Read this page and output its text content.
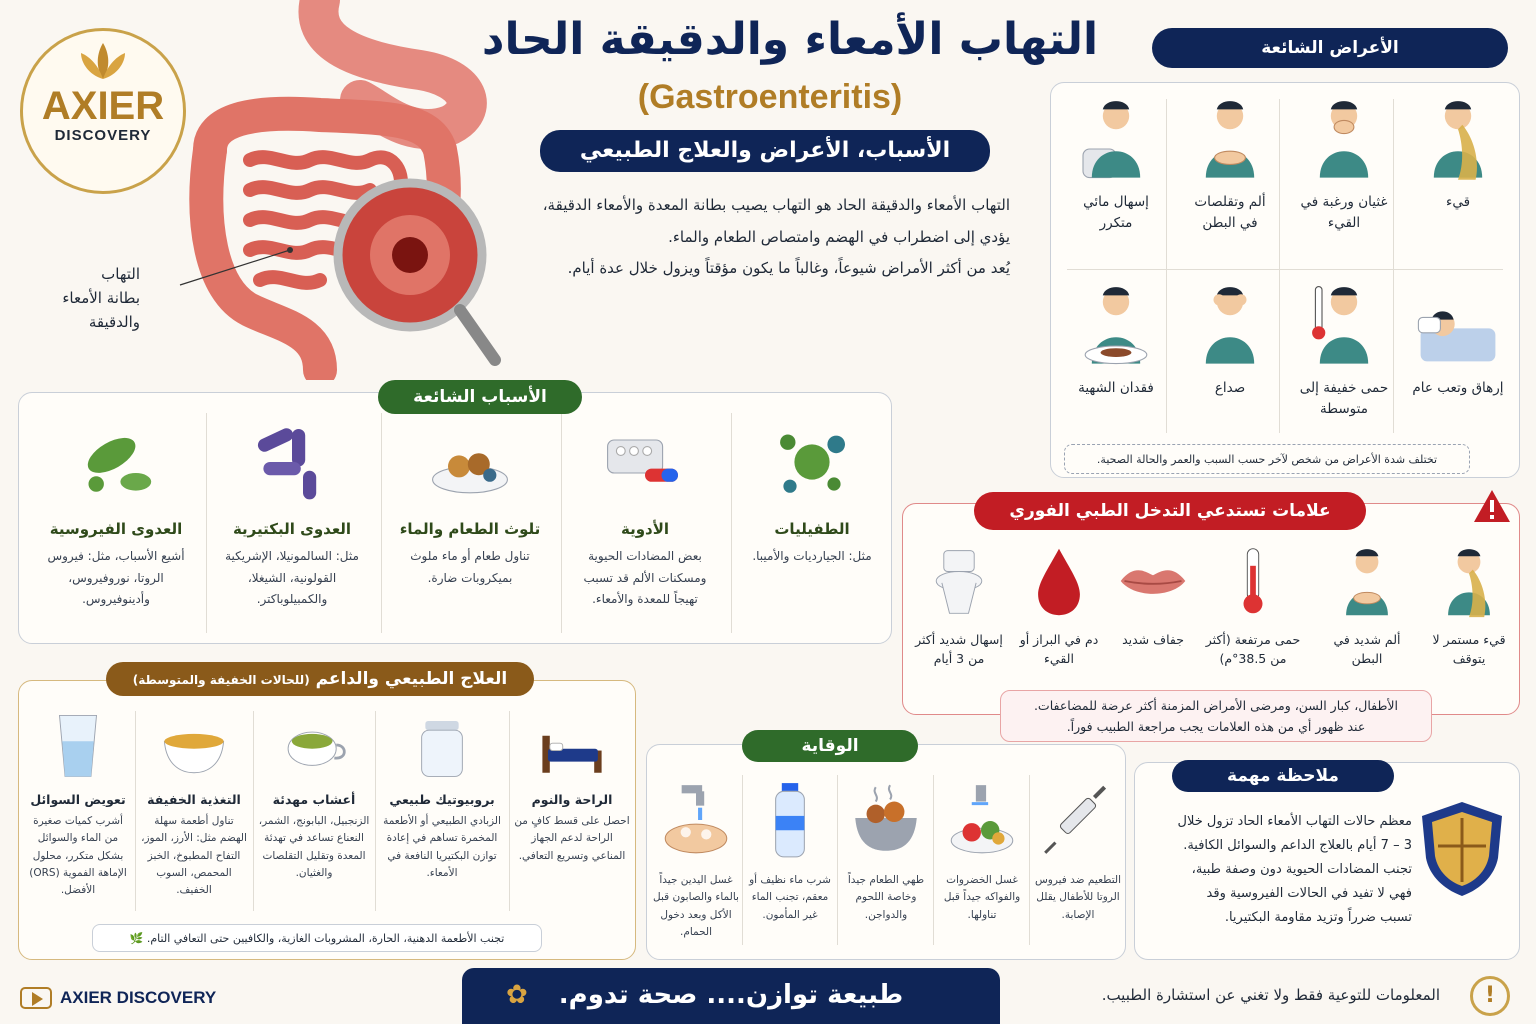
AXIER
DISCOVERY
التهاب
بطانة الأمعاء
والدقيقة
التهاب الأمعاء والدقيقة الحاد
(Gastroenteritis)
الأسباب، الأعراض والعلاج الطبيعي
التهاب الأمعاء والدقيقة الحاد هو التهاب يصيب بطانة المعدة والأمعاء الدقيقة،
يؤدي إلى اضطراب في الهضم وامتصاص الطعام والماء.
يُعد من أكثر الأمراض شيوعاً، وغالباً ما يكون مؤقتاً ويزول خلال عدة أيام.
الأعراض الشائعة
تختلف شدة الأعراض من شخص لآخر حسب السبب والعمر والحالة الصحية.
الأسباب الشائعة
علامات تستدعي التدخل الطبي الفوري
الأطفال، كبار السن، ومرضى الأمراض المزمنة أكثر عرضة للمضاعفات.
عند ظهور أي من هذه العلامات يجب مراجعة الطبيب فوراً.
العلاج الطبيعي والداعم (للحالات الخفيفة والمتوسطة)
تجنب الأطعمة الدهنية، الحارة، المشروبات الغازية، والكافيين حتى التعافي التام. 🌿
الوقاية
ملاحظة مهمة
معظم حالات التهاب الأمعاء الحاد تزول خلال
3 – 7 أيام بالعلاج الداعم والسوائل الكافية.
تجنب المضادات الحيوية دون وصفة طبية،
فهي لا تفيد في الحالات الفيروسية وقد
تسبب ضرراً وتزيد مقاومة البكتيريا.
AXIER DISCOVERY	✿ طبيعة توازن.... صحة تدوم.	المعلومات للتوعية فقط ولا تغني عن استشارة الطبيب.	!
قيء
غثيان ورغبة في القيء
ألم وتقلصات في البطن
إسهال مائي متكرر
إرهاق وتعب عام
حمى خفيفة إلى متوسطة
صداع
فقدان الشهية
الطفيليات
مثل: الجيارديات والأميبا.
الأدوية
بعض المضادات الحيوية ومسكنات الألم قد تسبب تهيجاً للمعدة والأمعاء.
تلوث الطعام والماء
تناول طعام أو ماء ملوث بميكروبات ضارة.
العدوى البكتيرية
مثل: السالمونيلا، الإشريكية القولونية، الشيغلا، والكمبيلوباكتر.
العدوى الفيروسية
أشيع الأسباب، مثل: فيروس الروتا، نوروفيروس، وأدينوفيروس.
قيء مستمر لا يتوقف
ألم شديد في البطن
حمى مرتفعة (أكثر من 38.5°م)
جفاف شديد
دم في البراز أو القيء
إسهال شديد أكثر من 3 أيام
الراحة والنوم
احصل على قسط كافٍ من الراحة لدعم الجهاز المناعي وتسريع التعافي.
بروبيوتيك طبيعي
الزبادي الطبيعي أو الأطعمة المخمرة تساهم في إعادة توازن البكتيريا النافعة في الأمعاء.
أعشاب مهدئة
الزنجبيل، البابونج، الشمر، النعناع تساعد في تهدئة المعدة وتقليل التقلصات والغثيان.
التغذية الخفيفة
تناول أطعمة سهلة الهضم مثل: الأرز، الموز، التفاح المطبوخ، الخبز المحمص، السوب الخفيف.
تعويض السوائل
أشرب كميات صغيرة من الماء والسوائل بشكل متكرر، محلول الإماهة الفموية (ORS) الأفضل.
التطعيم ضد فيروس الروتا للأطفال يقلل الإصابة.
غسل الخضروات والفواكه جيداً قبل تناولها.
طهي الطعام جيداً وخاصة اللحوم والدواجن.
شرب ماء نظيف أو معقم، تجنب الماء غير المأمون.
غسل اليدين جيداً بالماء والصابون قبل الأكل وبعد دخول الحمام.
